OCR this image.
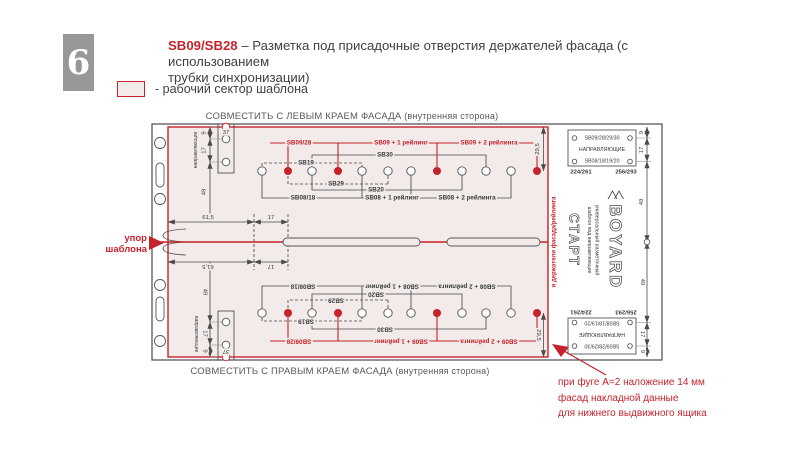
6	SB09/SB28 – Разметка под присадочные отверстия держателей фасада (с использованием
трубки синхронизации)
- рабочий сектор шаблона
СОВМЕСТИТЬ С ЛЕВЫМ КРАЕМ ФАСАДА (внутренняя сторона)
СОВМЕСТИТЬ С ПРАВЫМ КРАЕМ ФАСАДА (внутренняя сторона)
при фуге А=2 наложение 14 мм
фасад накладной данные
для нижнего выдвижного ящика
SB09/28	SB09 + 1 рейлинг	SB09 + 2 рейлинга
SB30
SB19
SB29
SB20
SB08/18	SB08 + 1 рейлинг	SB08 + 2 рейлинга
SB09/28	SB09 + 1 рейлинг	SB09 + 2 рейлинга
SB30
SB19
SB29
SB20
SB08/18	SB08 + 1 рейлинг	SB08 + 2 рейлинга
37
9
17
49
направляющие
37
9
17
49
направляющие
61,5	17
61,5	17
29,5
29,5
и держатели фасада/рейлинга
SB09/28/29/30
НАПРАВЛЯЮЩИЕ
SB08/18/19/20
224/261	256/293
SB08/18/19/20
НАПРАВЛЯЮЩИЕ
SB09/28/29/30
224/261	256/293
9
17
49
49
17
9
СТАРТ шаблон под направляющие универсальный разметочный BOYARD
упор
шаблона
